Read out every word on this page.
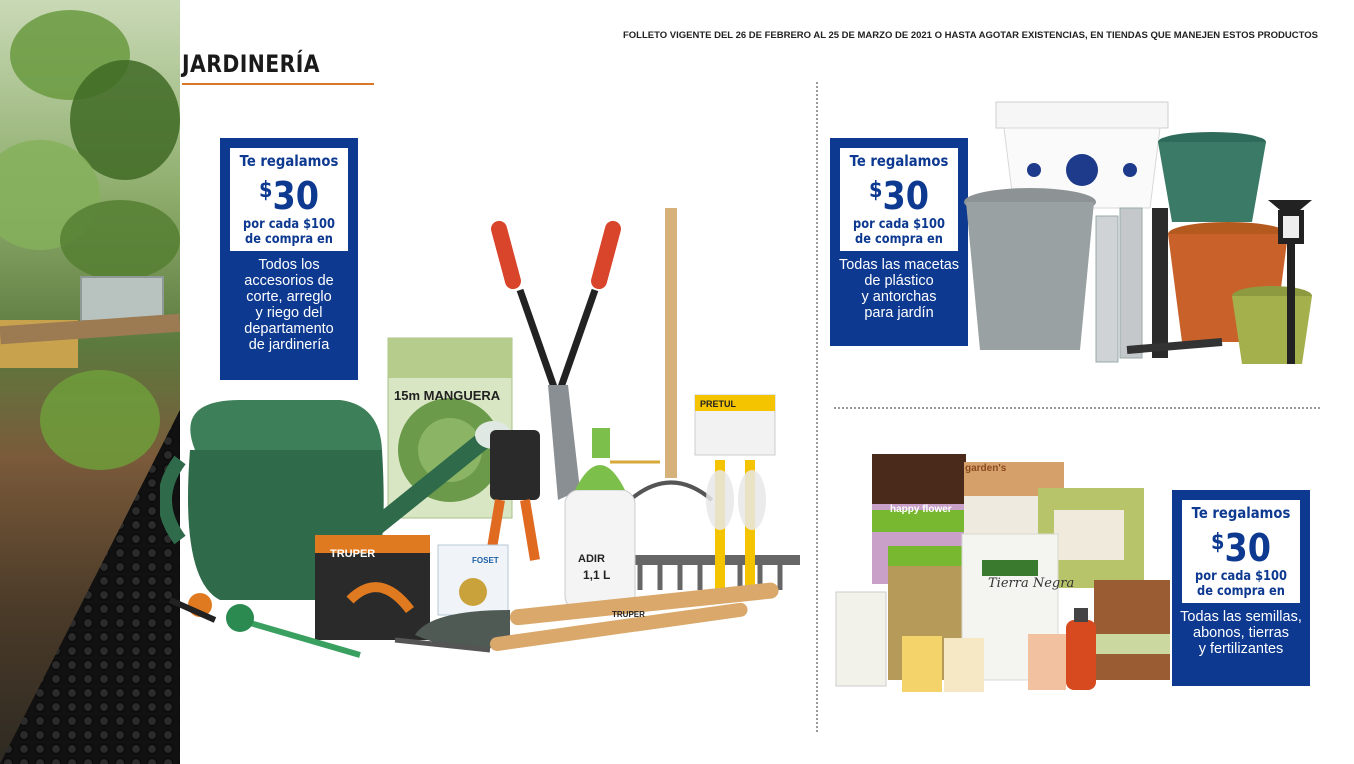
JARDINERÍA
FOLLETO VIGENTE DEL 26 DE FEBRERO AL 25 DE MARZO DE 2021 O HASTA AGOTAR EXISTENCIAS, EN TIENDAS QUE MANEJEN ESTOS PRODUCTOS
Te regalamos
$30
por cada $100
de compra en
Todos los
accesorios de
corte, arreglo
y riego del
departamento
de jardinería
Te regalamos
$30
por cada $100
de compra en
Todas las macetas
de plástico
y antorchas
para jardín
Te regalamos
$30
por cada $100
de compra en
Todas las semillas,
abonos, tierras
y fertilizantes
15m MANGUERA
TRUPER	ADIR
1,1 L
PRETUL
FOSET
TRUPER
happy flower
Tierra Negra
garden's
